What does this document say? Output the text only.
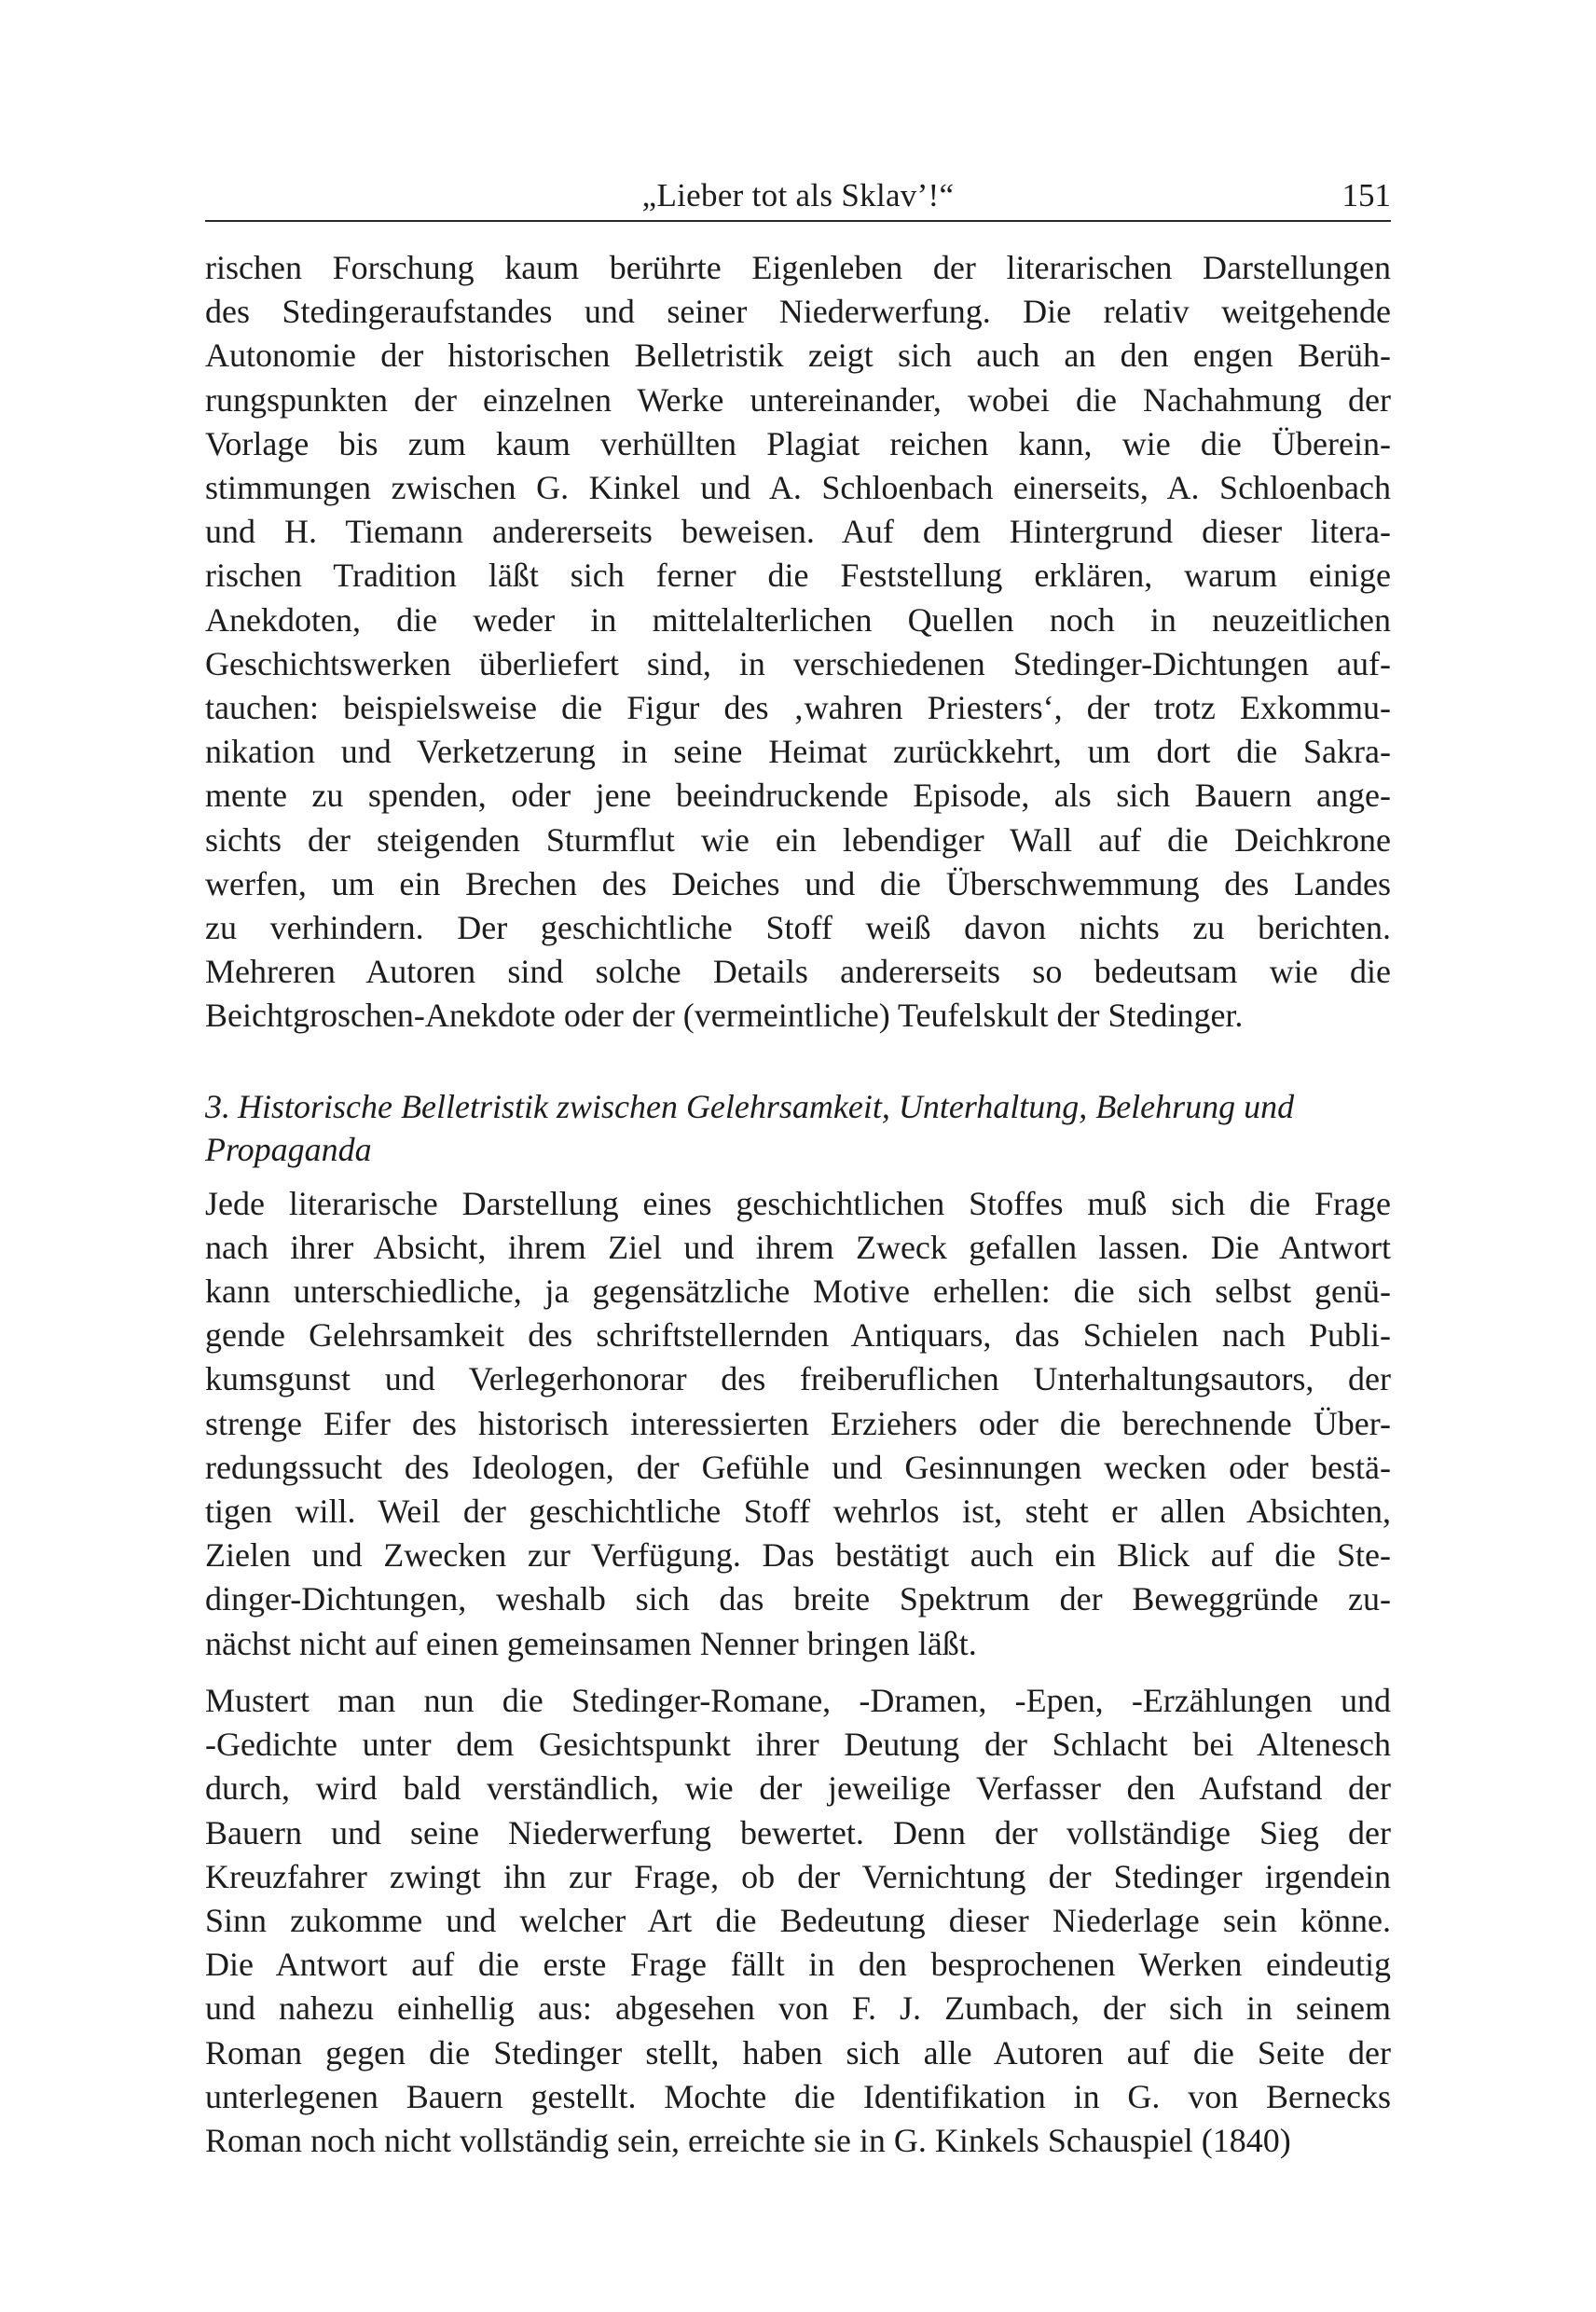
„Lieber tot als Sklav’!“	151

rischen Forschung kaum berührte Eigenleben der literarischen Darstellungen
des Stedingeraufstandes und seiner Niederwerfung. Die relativ weitgehende
Autonomie der historischen Belletristik zeigt sich auch an den engen Berüh-
rungspunkten der einzelnen Werke untereinander, wobei die Nachahmung der
Vorlage bis zum kaum verhüllten Plagiat reichen kann, wie die Überein-
stimmungen zwischen G. Kinkel und A. Schloenbach einerseits, A. Schloenbach
und H. Tiemann andererseits beweisen. Auf dem Hintergrund dieser litera-
rischen Tradition läßt sich ferner die Feststellung erklären, warum einige
Anekdoten, die weder in mittelalterlichen Quellen noch in neuzeitlichen
Geschichtswerken überliefert sind, in verschiedenen Stedinger-Dichtungen auf-
tauchen: beispielsweise die Figur des ‚wahren Priesters‘, der trotz Exkommu-
nikation und Verketzerung in seine Heimat zurückkehrt, um dort die Sakra-
mente zu spenden, oder jene beeindruckende Episode, als sich Bauern ange-
sichts der steigenden Sturmflut wie ein lebendiger Wall auf die Deichkrone
werfen, um ein Brechen des Deiches und die Überschwemmung des Landes
zu verhindern. Der geschichtliche Stoff weiß davon nichts zu berichten.
Mehreren Autoren sind solche Details andererseits so bedeutsam wie die
Beichtgroschen-Anekdote oder der (vermeintliche) Teufelskult der Stedinger.

3. Historische Belletristik zwischen Gelehrsamkeit, Unterhaltung, Belehrung und Propaganda

Jede literarische Darstellung eines geschichtlichen Stoffes muß sich die Frage
nach ihrer Absicht, ihrem Ziel und ihrem Zweck gefallen lassen. Die Antwort
kann unterschiedliche, ja gegensätzliche Motive erhellen: die sich selbst genü-
gende Gelehrsamkeit des schriftstellernden Antiquars, das Schielen nach Publi-
kumsgunst und Verlegerhonorar des freiberuflichen Unterhaltungsautors, der
strenge Eifer des historisch interessierten Erziehers oder die berechnende Über-
redungssucht des Ideologen, der Gefühle und Gesinnungen wecken oder bestä-
tigen will. Weil der geschichtliche Stoff wehrlos ist, steht er allen Absichten,
Zielen und Zwecken zur Verfügung. Das bestätigt auch ein Blick auf die Ste-
dinger-Dichtungen, weshalb sich das breite Spektrum der Beweggründe zu-
nächst nicht auf einen gemeinsamen Nenner bringen läßt.

Mustert man nun die Stedinger-Romane, -Dramen, -Epen, -Erzählungen und
-Gedichte unter dem Gesichtspunkt ihrer Deutung der Schlacht bei Altenesch
durch, wird bald verständlich, wie der jeweilige Verfasser den Aufstand der
Bauern und seine Niederwerfung bewertet. Denn der vollständige Sieg der
Kreuzfahrer zwingt ihn zur Frage, ob der Vernichtung der Stedinger irgendein
Sinn zukomme und welcher Art die Bedeutung dieser Niederlage sein könne.
Die Antwort auf die erste Frage fällt in den besprochenen Werken eindeutig
und nahezu einhellig aus: abgesehen von F. J. Zumbach, der sich in seinem
Roman gegen die Stedinger stellt, haben sich alle Autoren auf die Seite der
unterlegenen Bauern gestellt. Mochte die Identifikation in G. von Bernecks
Roman noch nicht vollständig sein, erreichte sie in G. Kinkels Schauspiel (1840)
